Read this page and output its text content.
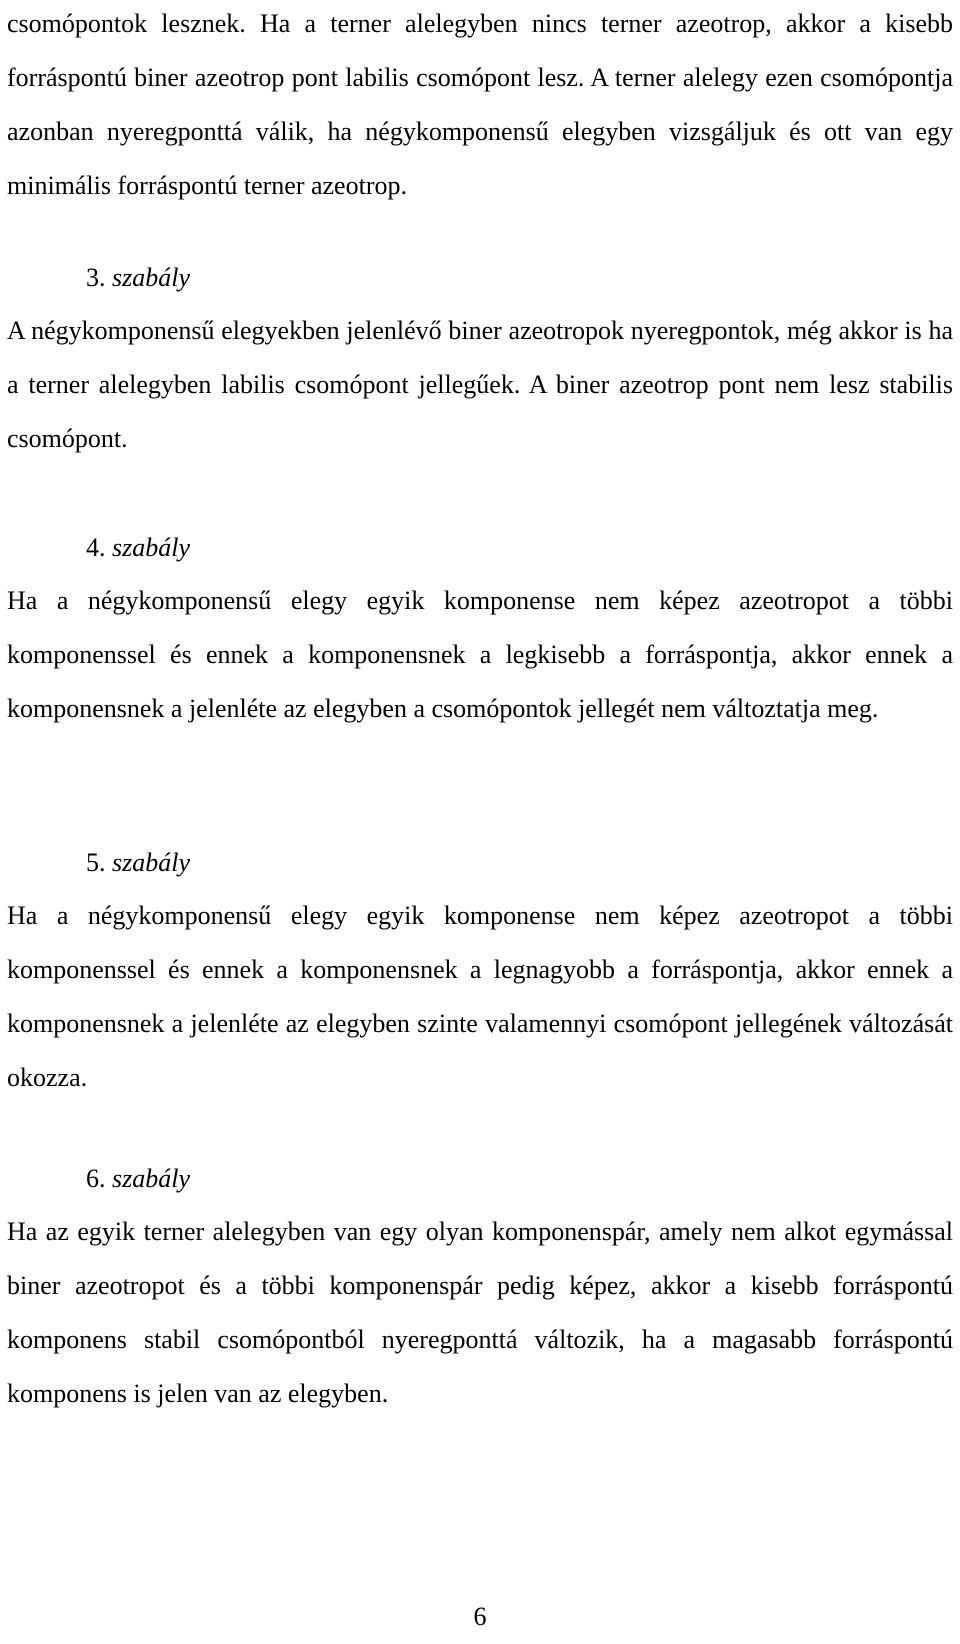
csomópontok lesznek. Ha a terner alelegyben nincs terner azeotrop, akkor a kisebb forráspontú biner azeotrop pont labilis csomópont lesz. A terner alelegy ezen csomópontja azonban nyeregponttá válik, ha négykomponensű elegyben vizsgáljuk és ott van egy minimális forráspontú terner azeotrop.

3. szabály

A négykomponensű elegyekben jelenlévő biner azeotropok nyeregpontok, még akkor is ha a terner alelegyben labilis csomópont jellegűek. A biner azeotrop pont nem lesz stabilis csomópont.

4. szabály

Ha a négykomponensű elegy egyik komponense nem képez azeotropot a többi komponenssel és ennek a komponensnek a legkisebb a forráspontja, akkor ennek a komponensnek a jelenléte az elegyben a csomópontok jellegét nem változtatja meg.

5. szabály

Ha a négykomponensű elegy egyik komponense nem képez azeotropot a többi komponenssel és ennek a komponensnek a legnagyobb a forráspontja, akkor ennek a komponensnek a jelenléte az elegyben szinte valamennyi csomópont jellegének változását okozza.

6. szabály

Ha az egyik terner alelegyben van egy olyan komponenspár, amely nem alkot egymással biner azeotropot és a többi komponenspár pedig képez, akkor a kisebb forráspontú komponens stabil csomópontból nyeregponttá változik, ha a magasabb forráspontú komponens is jelen van az elegyben.

6
